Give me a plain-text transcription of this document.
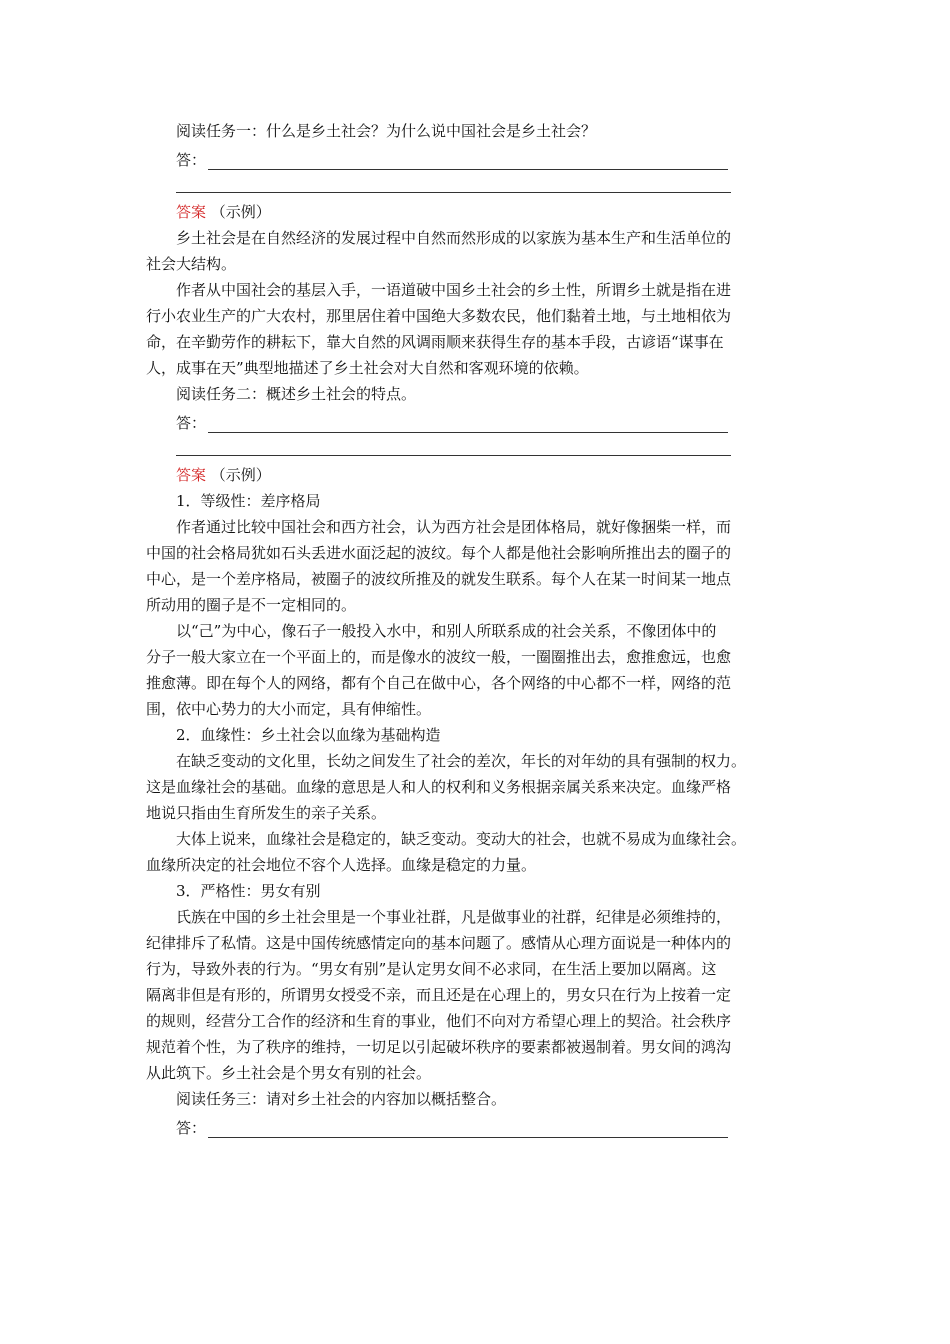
阅读任务一：什么是乡土社会？为什么说中国社会是乡土社会？
答：
答案 （示例）
乡土社会是在自然经济的发展过程中自然而然形成的以家族为基本生产和生活单位的
社会大结构。
作者从中国社会的基层入手，一语道破中国乡土社会的乡土性，所谓乡土就是指在进
行小农业生产的广大农村，那里居住着中国绝大多数农民，他们黏着土地，与土地相依为
命，在辛勤劳作的耕耘下，靠大自然的风调雨顺来获得生存的基本手段，古谚语“谋事在
人，成事在天”典型地描述了乡土社会对大自然和客观环境的依赖。
阅读任务二：概述乡土社会的特点。
答：
答案 （示例）
1．等级性：差序格局
作者通过比较中国社会和西方社会，认为西方社会是团体格局，就好像捆柴一样，而
中国的社会格局犹如石头丢进水面泛起的波纹。每个人都是他社会影响所推出去的圈子的
中心，是一个差序格局，被圈子的波纹所推及的就发生联系。每个人在某一时间某一地点
所动用的圈子是不一定相同的。
以“己”为中心，像石子一般投入水中，和别人所联系成的社会关系，不像团体中的
分子一般大家立在一个平面上的，而是像水的波纹一般，一圈圈推出去，愈推愈远，也愈
推愈薄。即在每个人的网络，都有个自己在做中心，各个网络的中心都不一样，网络的范
围，依中心势力的大小而定，具有伸缩性。
2．血缘性：乡土社会以血缘为基础构造
在缺乏变动的文化里，长幼之间发生了社会的差次，年长的对年幼的具有强制的权力。
这是血缘社会的基础。血缘的意思是人和人的权利和义务根据亲属关系来决定。血缘严格
地说只指由生育所发生的亲子关系。
大体上说来，血缘社会是稳定的，缺乏变动。变动大的社会，也就不易成为血缘社会。
血缘所决定的社会地位不容个人选择。血缘是稳定的力量。
3．严格性：男女有别
氏族在中国的乡土社会里是一个事业社群，凡是做事业的社群，纪律是必须维持的，
纪律排斥了私情。这是中国传统感情定向的基本问题了。感情从心理方面说是一种体内的
行为，导致外表的行为。“男女有别”是认定男女间不必求同，在生活上要加以隔离。这
隔离非但是有形的，所谓男女授受不亲，而且还是在心理上的，男女只在行为上按着一定
的规则，经营分工合作的经济和生育的事业，他们不向对方希望心理上的契洽。社会秩序
规范着个性，为了秩序的维持，一切足以引起破坏秩序的要素都被遏制着。男女间的鸿沟
从此筑下。乡土社会是个男女有别的社会。
阅读任务三：请对乡土社会的内容加以概括整合。
答：
